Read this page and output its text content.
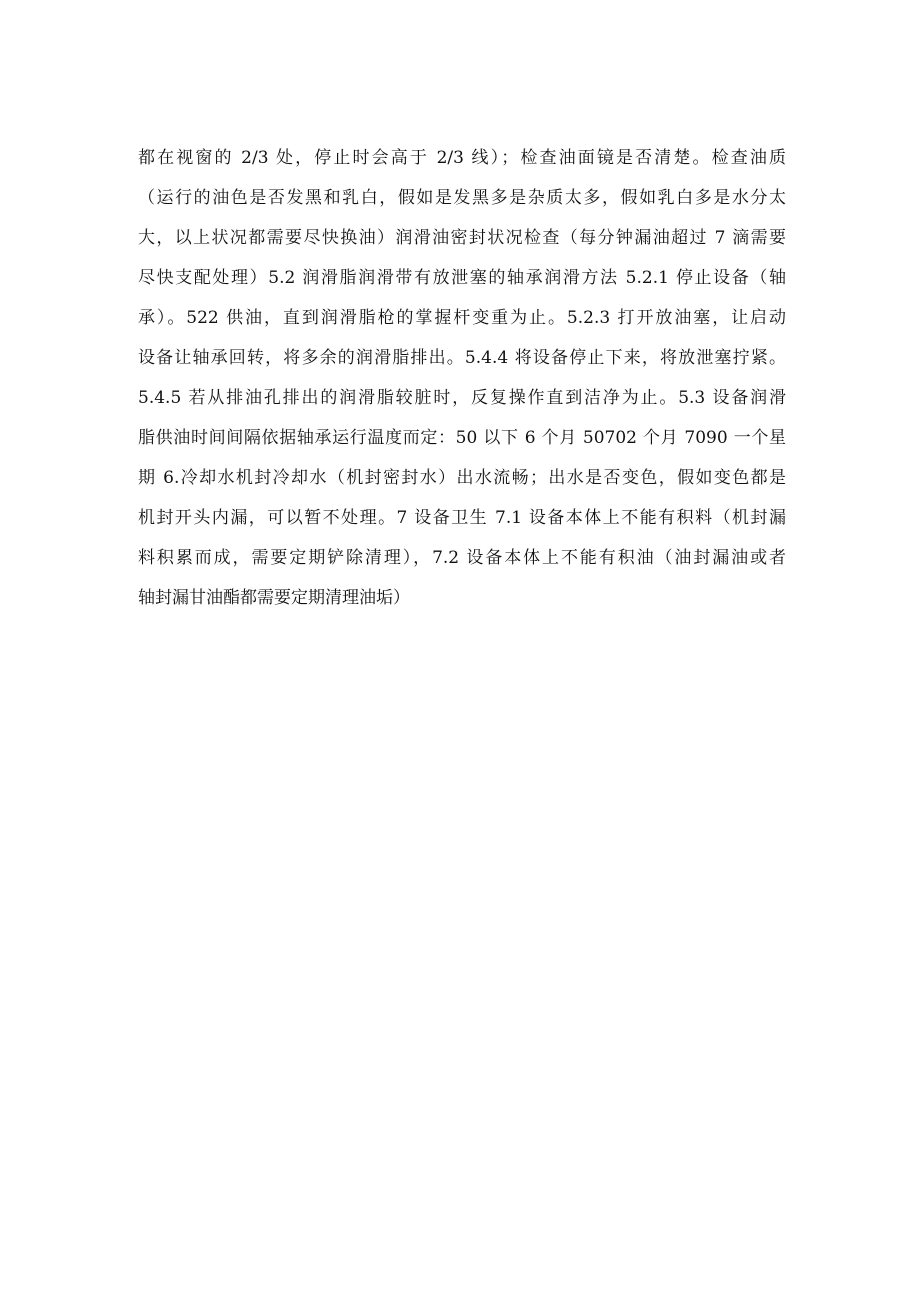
都在视窗的 2/3 处，停止时会高于 2/3 线）；检查油面镜是否清楚。检查油质
（运行的油色是否发黑和乳白，假如是发黑多是杂质太多，假如乳白多是水分太
大，以上状况都需要尽快换油）润滑油密封状况检查（每分钟漏油超过 7 滴需要
尽快支配处理）5.2 润滑脂润滑带有放泄塞的轴承润滑方法 5.2.1 停止设备（轴
承）。522 供油，直到润滑脂枪的掌握杆变重为止。5.2.3 打开放油塞，让启动
设备让轴承回转，将多余的润滑脂排出。5.4.4 将设备停止下来，将放泄塞拧紧。
5.4.5 若从排油孔排出的润滑脂较脏时，反复操作直到洁净为止。5.3 设备润滑
脂供油时间间隔依据轴承运行温度而定：50 以下 6 个月 50702 个月 7090 一个星
期 6.冷却水机封冷却水（机封密封水）出水流畅；出水是否变色，假如变色都是
机封开头内漏，可以暂不处理。7 设备卫生 7.1 设备本体上不能有积料（机封漏
料积累而成，需要定期铲除清理），7.2 设备本体上不能有积油（油封漏油或者
轴封漏甘油酯都需要定期清理油垢）
